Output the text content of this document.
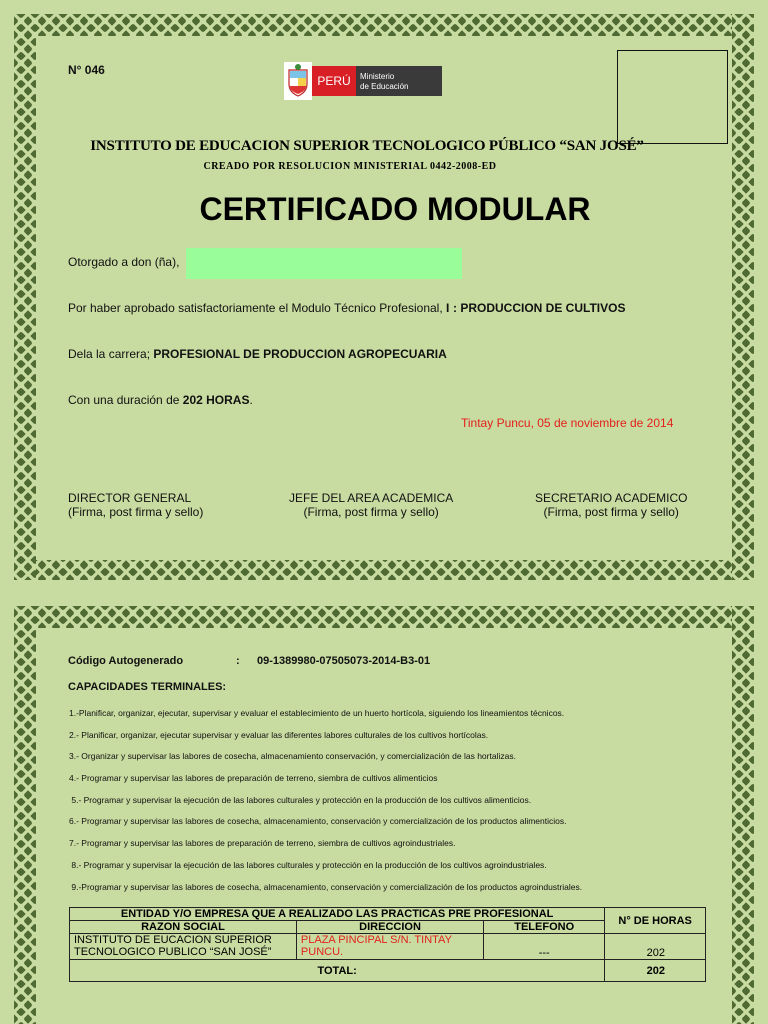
N° 046
PERÚ	Ministerio
de Educación
INSTITUTO DE EDUCACION SUPERIOR TECNOLOGICO PÚBLICO “SAN JOSÉ”
CREADO POR RESOLUCION MINISTERIAL 0442-2008-ED
CERTIFICADO MODULAR
Otorgado a don (ña),
Por haber aprobado satisfactoriamente el Modulo Técnico Profesional, I : PRODUCCION DE CULTIVOS
Dela la carrera; PROFESIONAL DE PRODUCCION AGROPECUARIA
Con una duración de 202 HORAS.
Tintay Puncu, 05 de noviembre de 2014
DIRECTOR GENERAL
(Firma, post firma y sello)
JEFE DEL AREA ACADEMICA
(Firma, post firma y sello)
SECRETARIO ACADEMICO
(Firma, post firma y sello)
Código Autogenerado	: 09-1389980-07505073-2014-B3-01
CAPACIDADES TERMINALES:
1.-Planificar, organizar, ejecutar, supervisar y evaluar el establecimiento de un huerto hortícola, siguiendo los lineamientos técnicos.
2.- Planificar, organizar, ejecutar supervisar y evaluar las diferentes labores culturales de los cultivos hortícolas.
3.- Organizar y supervisar las labores de cosecha, almacenamiento conservación, y comercialización de las hortalizas.
4.- Programar y supervisar las labores de preparación de terreno, siembra de cultivos alimenticios
5.- Programar y supervisar la ejecución de las labores culturales y protección en la producción de los cultivos alimenticios.
6.- Programar y supervisar las labores de cosecha, almacenamiento, conservación y comercialización de los productos alimenticios.
7.- Programar y supervisar las labores de preparación de terreno, siembra de cultivos agroindustriales.
8.- Programar y supervisar la ejecución de las labores culturales y protección en la producción de los cultivos agroindustriales.
9.-Programar y supervisar las labores de cosecha, almacenamiento, conservación y comercialización de los productos agroindustriales.
ENTIDAD Y/O EMPRESA QUE A REALIZADO LAS PRACTICAS PRE PROFESIONAL			N° DE HORAS
RAZON SOCIAL	DIRECCION	TELEFONO	
INSTITUTO DE EUCACION SUPERIOR TECNOLOGICO PUBLICO “SAN JOSÉ”	PLAZA PINCIPAL S/N. TINTAY PUNCU.	---	202
TOTAL:			202
